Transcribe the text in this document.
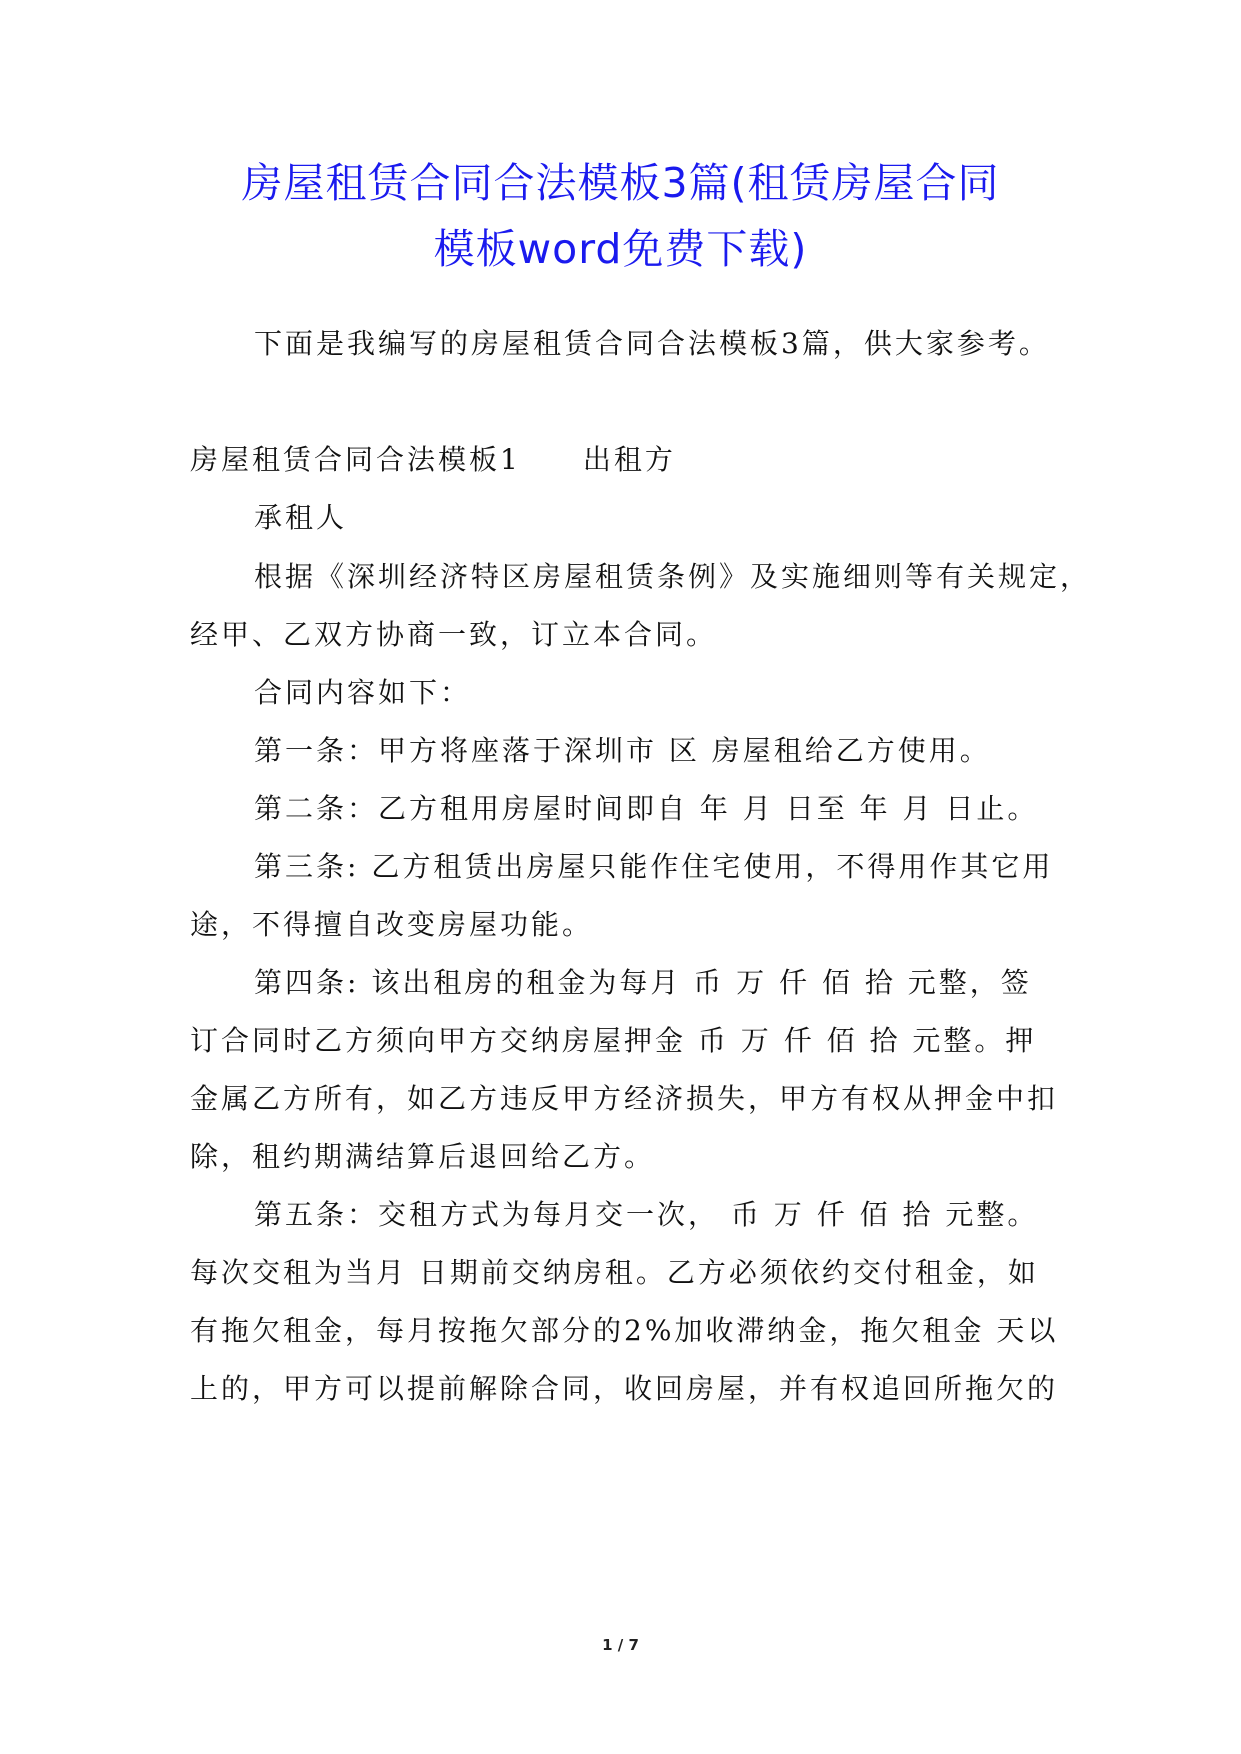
房屋租赁合同合法模板3篇(租赁房屋合同
模板word免费下载)
下面是我编写的房屋租赁合同合法模板3篇，供大家参考。
房屋租赁合同合法模板1 出租方
承租人
根据《深圳经济特区房屋租赁条例》及实施细则等有关规定，
经甲、乙双方协商一致，订立本合同。
合同内容如下：
第一条：甲方将座落于深圳市 区 房屋租给乙方使用。
第二条：乙方租用房屋时间即自 年 月 日至 年 月 日止。
第三条: 乙方租赁出房屋只能作住宅使用，不得用作其它用
途，不得擅自改变房屋功能。
第四条: 该出租房的租金为每月 币 万 仟 佰 拾 元整，签
订合同时乙方须向甲方交纳房屋押金 币 万 仟 佰 拾 元整。押
金属乙方所有，如乙方违反甲方经济损失，甲方有权从押金中扣
除，租约期满结算后退回给乙方。
第五条：交租方式为每月交一次， 币 万 仟 佰 拾 元整。
每次交租为当月 日期前交纳房租。乙方必须依约交付租金，如
有拖欠租金，每月按拖欠部分的2%加收滞纳金，拖欠租金 天以
上的，甲方可以提前解除合同，收回房屋，并有权追回所拖欠的
1 / 7
